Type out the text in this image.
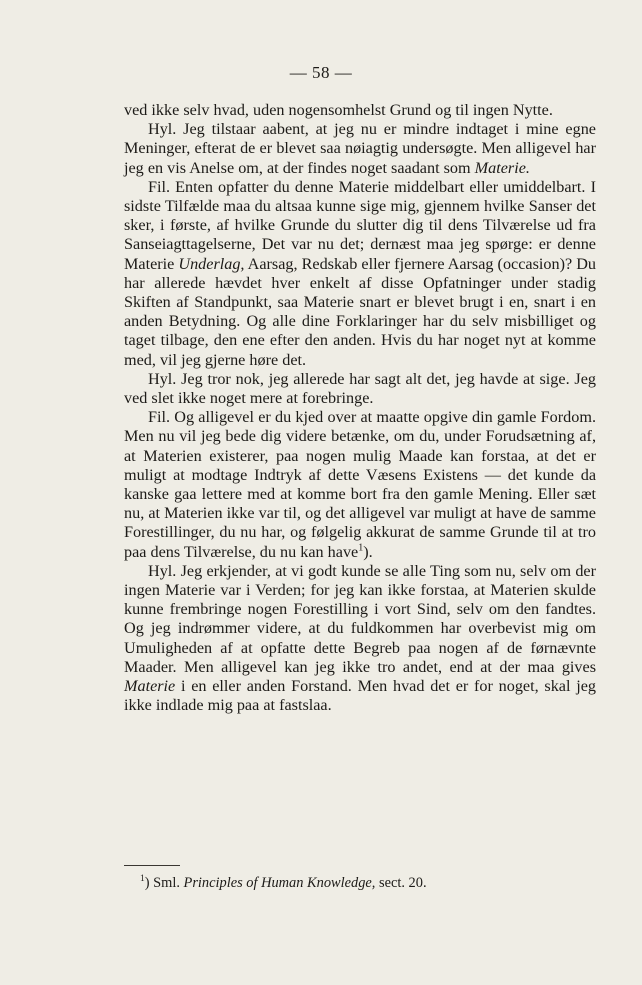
— 58 —

ved ikke selv hvad, uden nogensomhelst Grund og til ingen Nytte.

Hyl. Jeg tilstaar aabent, at jeg nu er mindre indtaget i mine egne Meninger, efterat de er blevet saa nøiagtig undersøgte. Men alligevel har jeg en vis Anelse om, at der findes noget saadant som Materie.

Fil. Enten opfatter du denne Materie middelbart eller umiddelbart. I sidste Tilfælde maa du altsaa kunne sige mig, gjennem hvilke Sanser det sker, i første, af hvilke Grunde du slutter dig til dens Tilværelse ud fra Sanseiagttagelserne, Det var nu det; dernæst maa jeg spørge: er denne Materie Underlag, Aarsag, Redskab eller fjernere Aarsag (occasion)? Du har allerede hævdet hver enkelt af disse Opfatninger under stadig Skiften af Standpunkt, saa Materie snart er blevet brugt i en, snart i en anden Betydning. Og alle dine Forklaringer har du selv misbilliget og taget tilbage, den ene efter den anden. Hvis du har noget nyt at komme med, vil jeg gjerne høre det.

Hyl. Jeg tror nok, jeg allerede har sagt alt det, jeg havde at sige. Jeg ved slet ikke noget mere at forebringe.

Fil. Og alligevel er du kjed over at maatte opgive din gamle Fordom. Men nu vil jeg bede dig videre betænke, om du, under Forudsætning af, at Materien existerer, paa nogen mulig Maade kan forstaa, at det er muligt at modtage Indtryk af dette Væsens Existens — det kunde da kanske gaa lettere med at komme bort fra den gamle Mening. Eller sæt nu, at Materien ikke var til, og det alligevel var muligt at have de samme Forestillinger, du nu har, og følgelig akkurat de samme Grunde til at tro paa dens Tilværelse, du nu kan have$^1$).

Hyl. Jeg erkjender, at vi godt kunde se alle Ting som nu, selv om der ingen Materie var i Verden; for jeg kan ikke forstaa, at Materien skulde kunne frembringe nogen Forestilling i vort Sind, selv om den fandtes. Og jeg indrømmer videre, at du fuldkommen har overbevist mig om Umuligheden af at opfatte dette Begreb paa nogen af de førnævnte Maader. Men alligevel kan jeg ikke tro andet, end at der maa gives Materie i en eller anden Forstand. Men hvad det er for noget, skal jeg ikke indlade mig paa at fastslaa.

$^1$) Sml. Principles of Human Knowledge, sect. 20.
